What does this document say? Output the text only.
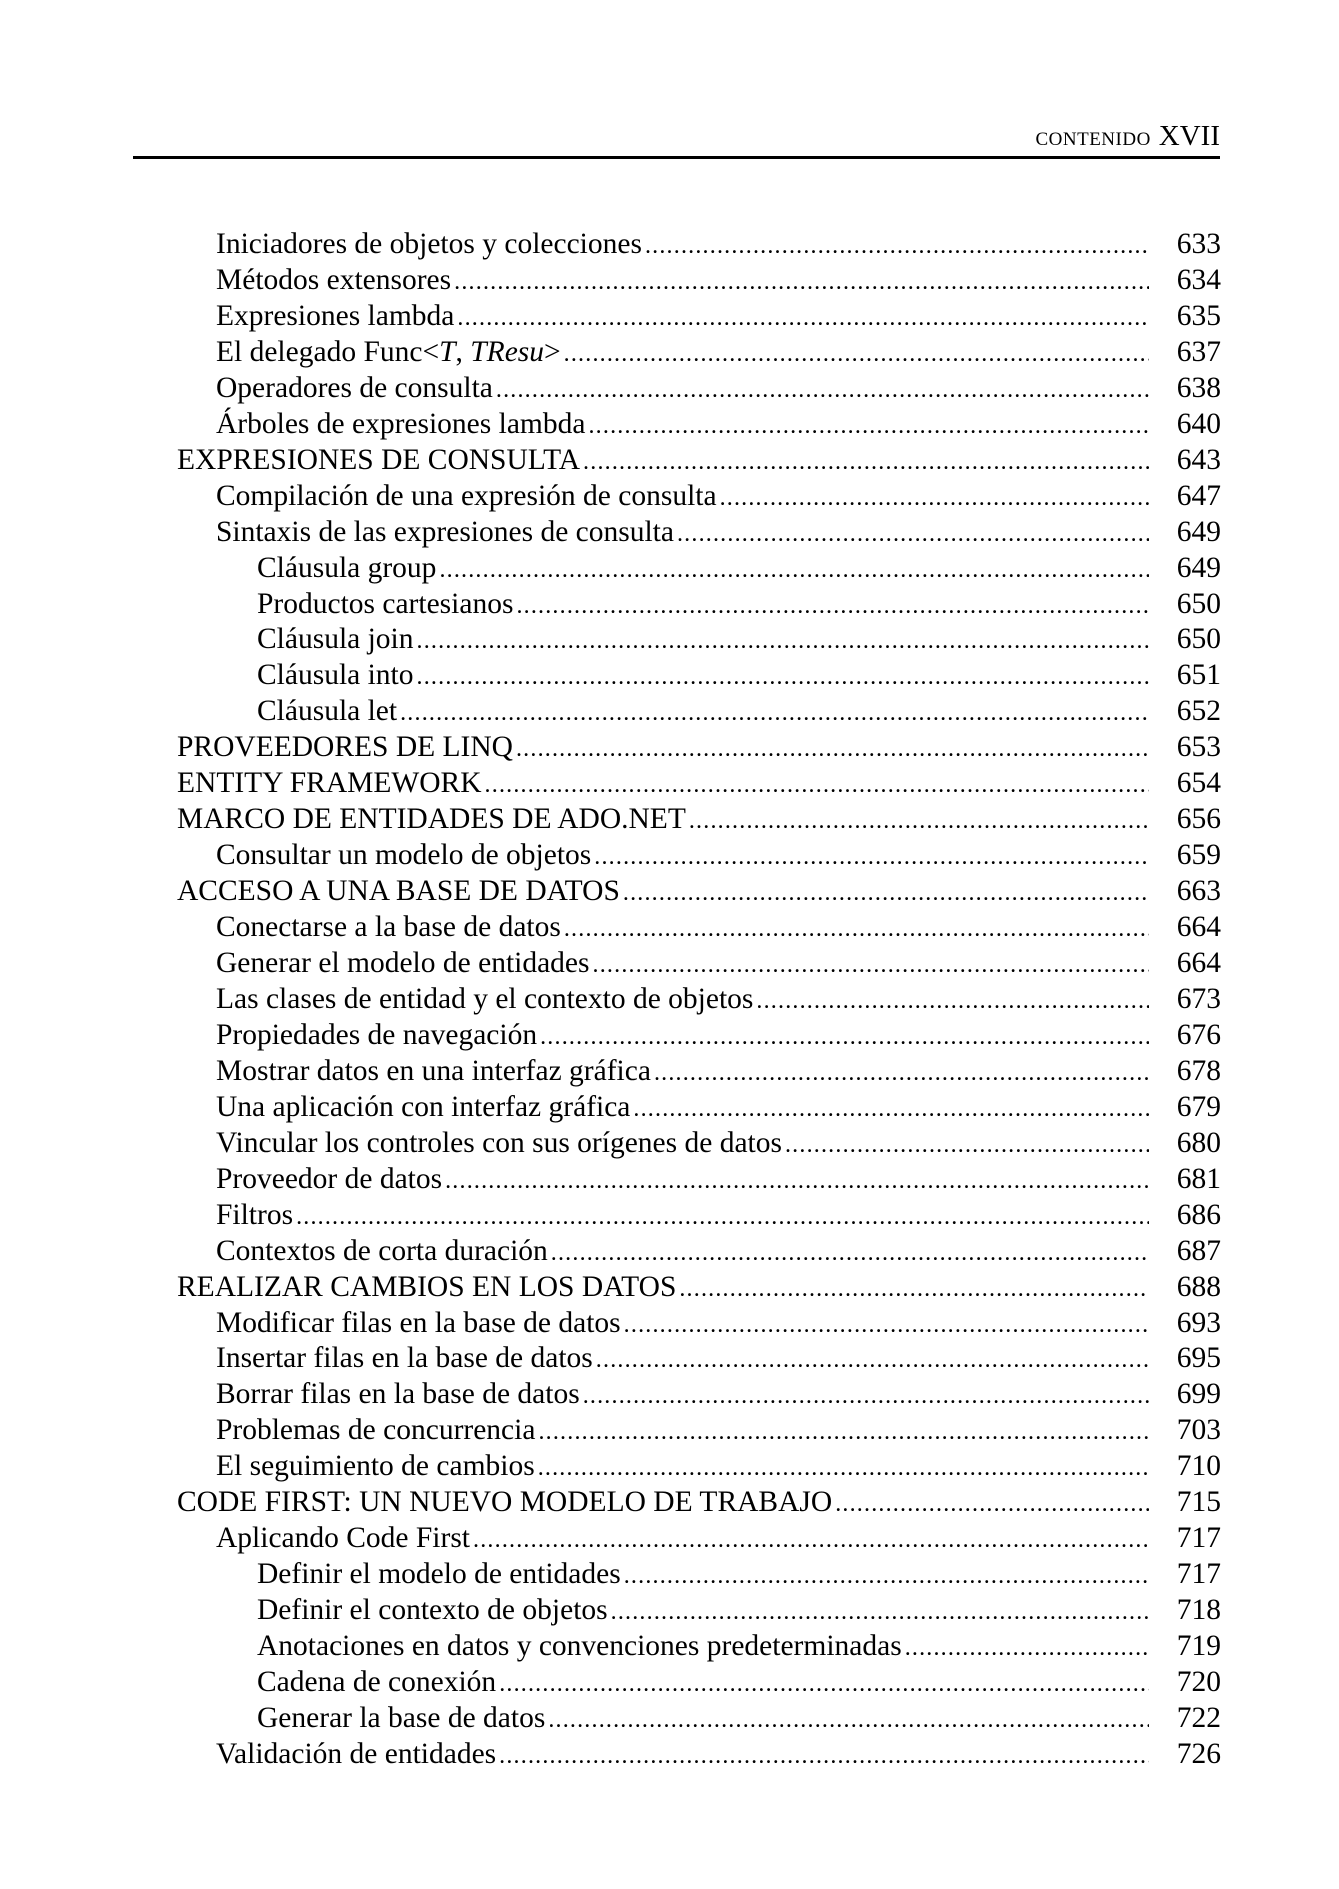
CONTENIDO XVII
Iniciadores de objetos y colecciones .....	633
Métodos extensores .....	634
Expresiones lambda .....	635
El delegado Func<T, TResu> .....	637
Operadores de consulta .....	638
Árboles de expresiones lambda .....	640
EXPRESIONES DE CONSULTA .....	643
Compilación de una expresión de consulta .....	647
Sintaxis de las expresiones de consulta .....	649
Cláusula group .....	649
Productos cartesianos .....	650
Cláusula join .....	650
Cláusula into .....	651
Cláusula let .....	652
PROVEEDORES DE LINQ .....	653
ENTITY FRAMEWORK .....	654
MARCO DE ENTIDADES DE ADO.NET .....	656
Consultar un modelo de objetos .....	659
ACCESO A UNA BASE DE DATOS .....	663
Conectarse a la base de datos .....	664
Generar el modelo de entidades .....	664
Las clases de entidad y el contexto de objetos .....	673
Propiedades de navegación .....	676
Mostrar datos en una interfaz gráfica .....	678
Una aplicación con interfaz gráfica .....	679
Vincular los controles con sus orígenes de datos .....	680
Proveedor de datos .....	681
Filtros .....	686
Contextos de corta duración .....	687
REALIZAR CAMBIOS EN LOS DATOS .....	688
Modificar filas en la base de datos .....	693
Insertar filas en la base de datos .....	695
Borrar filas en la base de datos .....	699
Problemas de concurrencia .....	703
El seguimiento de cambios .....	710
CODE FIRST: UN NUEVO MODELO DE TRABAJO .....	715
Aplicando Code First .....	717
Definir el modelo de entidades .....	717
Definir el contexto de objetos .....	718
Anotaciones en datos y convenciones predeterminadas .....	719
Cadena de conexión .....	720
Generar la base de datos .....	722
Validación de entidades .....	726
